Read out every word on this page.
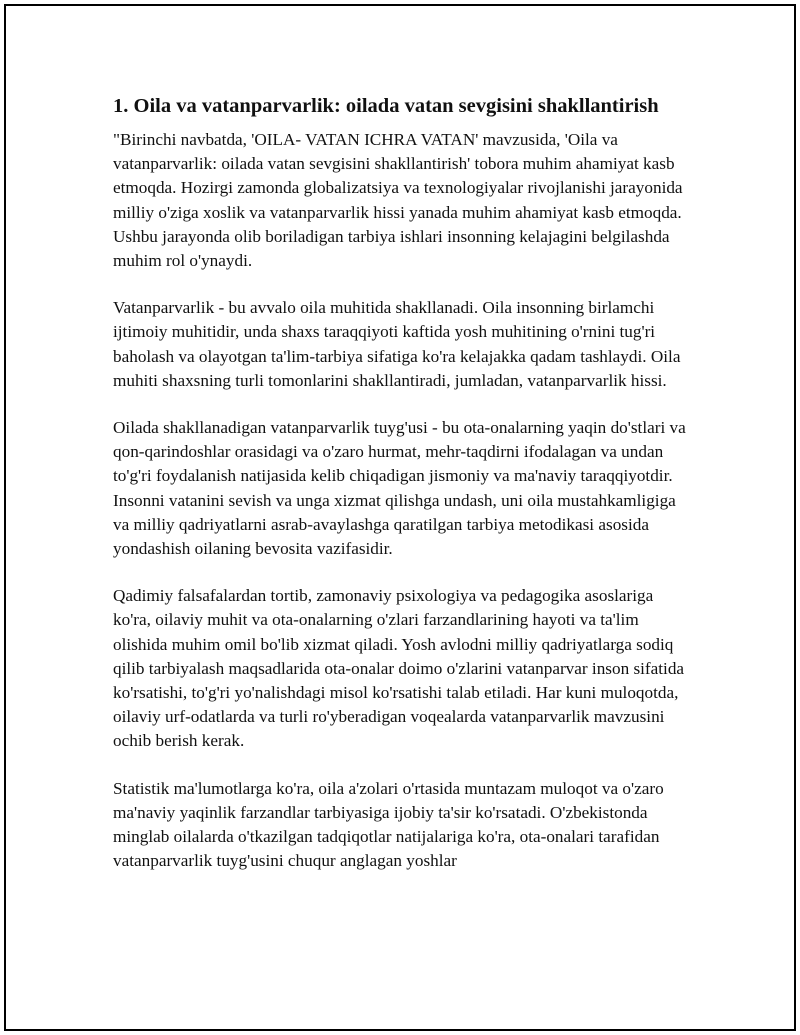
1. Oila va vatanparvarlik: oilada vatan sevgisini shakllantirish

"Birinchi navbatda, 'OILA- VATAN ICHRA VATAN' mavzusida, 'Oila va vatanparvarlik: oilada vatan sevgisini shakllantirish' tobora muhim ahamiyat kasb etmoqda. Hozirgi zamonda globalizatsiya va texnologiyalar rivojlanishi jarayonida milliy o'ziga xoslik va vatanparvarlik hissi yanada muhim ahamiyat kasb etmoqda. Ushbu jarayonda olib boriladigan tarbiya ishlari insonning kelajagini belgilashda muhim rol o'ynaydi.

Vatanparvarlik - bu avvalo oila muhitida shakllanadi. Oila insonning birlamchi ijtimoiy muhitidir, unda shaxs taraqqiyoti kaftida yosh muhitining o'rnini tug'ri baholash va olayotgan ta'lim-tarbiya sifatiga ko'ra kelajakka qadam tashlaydi. Oila muhiti shaxsning turli tomonlarini shakllantiradi, jumladan, vatanparvarlik hissi.

Oilada shakllanadigan vatanparvarlik tuyg'usi - bu ota-onalarning yaqin do'stlari va qon-qarindoshlar orasidagi va o'zaro hurmat, mehr-taqdirni ifodalagan va undan to'g'ri foydalanish natijasida kelib chiqadigan jismoniy va ma'naviy taraqqiyotdir. Insonni vatanini sevish va unga xizmat qilishga undash, uni oila mustahkamligiga va milliy qadriyatlarni asrab-avaylashga qaratilgan tarbiya metodikasi asosida yondashish oilaning bevosita vazifasidir.

Qadimiy falsafalardan tortib, zamonaviy psixologiya va pedagogika asoslariga ko'ra, oilaviy muhit va ota-onalarning o'zlari farzandlarining hayoti va ta'lim olishida muhim omil bo'lib xizmat qiladi. Yosh avlodni milliy qadriyatlarga sodiq qilib tarbiyalash maqsadlarida ota-onalar doimo o'zlarini vatanparvar inson sifatida ko'rsatishi, to'g'ri yo'nalishdagi misol ko'rsatishi talab etiladi. Har kuni muloqotda, oilaviy urf-odatlarda va turli ro'yberadigan voqealarda vatanparvarlik mavzusini ochib berish kerak.

Statistik ma'lumotlarga ko'ra, oila a'zolari o'rtasida muntazam muloqot va o'zaro ma'naviy yaqinlik farzandlar tarbiyasiga ijobiy ta'sir ko'rsatadi. O'zbekistonda minglab oilalarda o'tkazilgan tadqiqotlar natijalariga ko'ra, ota-onalari tarafidan vatanparvarlik tuyg'usini chuqur anglagan yoshlar
